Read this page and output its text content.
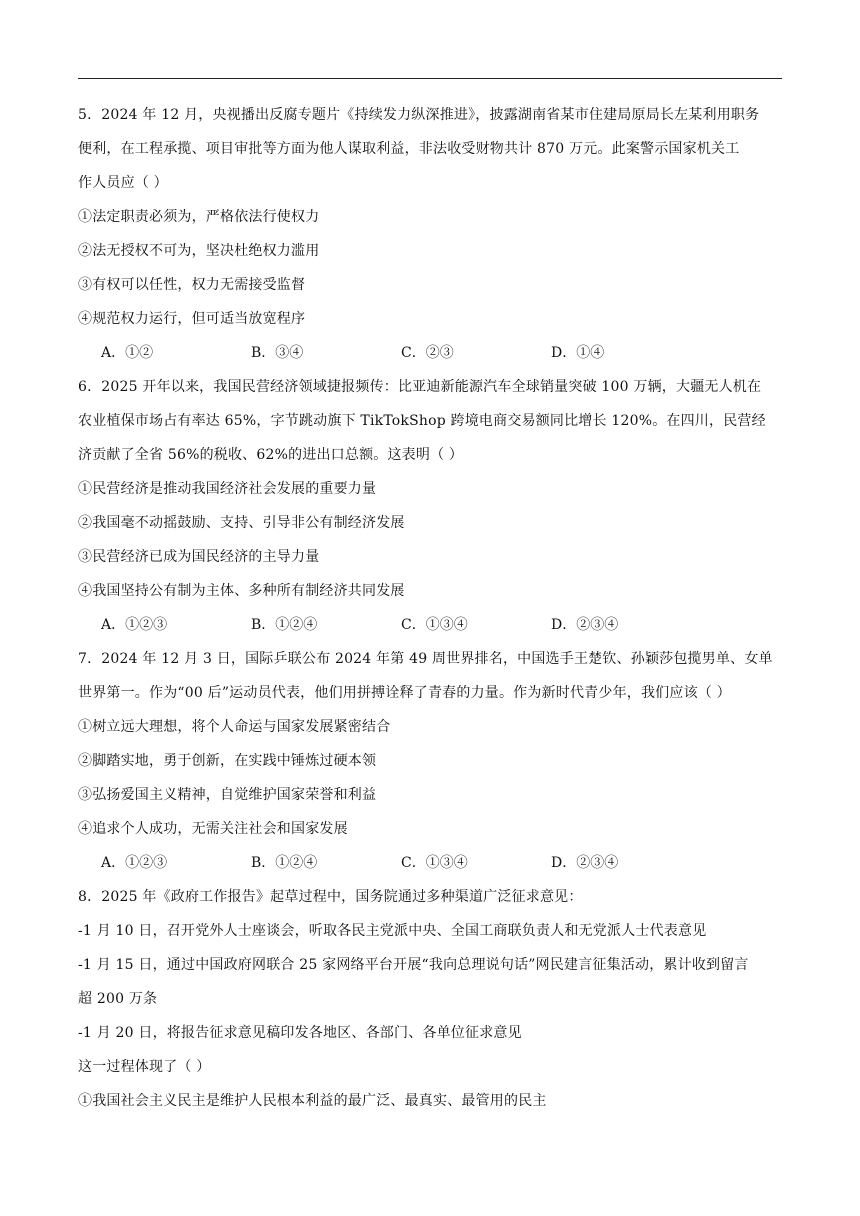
5．2024 年 12 月，央视播出反腐专题片《持续发力纵深推进》，披露湖南省某市住建局原局长左某利用职务
便利，在工程承揽、项目审批等方面为他人谋取利益，非法收受财物共计 870 万元。此案警示国家机关工
作人员应（ ）
①法定职责必须为，严格依法行使权力
②法无授权不可为，坚决杜绝权力滥用
③有权可以任性，权力无需接受监督
④规范权力运行，但可适当放宽程序
A．①②	B．③④	C．②③	D．①④
6．2025 开年以来，我国民营经济领域捷报频传：比亚迪新能源汽车全球销量突破 100 万辆，大疆无人机在
农业植保市场占有率达 65%，字节跳动旗下 TikTokShop 跨境电商交易额同比增长 120%。在四川，民营经
济贡献了全省 56%的税收、62%的进出口总额。这表明（ ）
①民营经济是推动我国经济社会发展的重要力量
②我国毫不动摇鼓励、支持、引导非公有制经济发展
③民营经济已成为国民经济的主导力量
④我国坚持公有制为主体、多种所有制经济共同发展
A．①②③	B．①②④	C．①③④	D．②③④
7．2024 年 12 月 3 日，国际乒联公布 2024 年第 49 周世界排名，中国选手王楚钦、孙颖莎包揽男单、女单
世界第一。作为“00 后”运动员代表，他们用拼搏诠释了青春的力量。作为新时代青少年，我们应该（ ）
①树立远大理想，将个人命运与国家发展紧密结合
②脚踏实地，勇于创新，在实践中锤炼过硬本领
③弘扬爱国主义精神，自觉维护国家荣誉和利益
④追求个人成功，无需关注社会和国家发展
A．①②③	B．①②④	C．①③④	D．②③④
8．2025 年《政府工作报告》起草过程中，国务院通过多种渠道广泛征求意见：
-1 月 10 日，召开党外人士座谈会，听取各民主党派中央、全国工商联负责人和无党派人士代表意见
-1 月 15 日，通过中国政府网联合 25 家网络平台开展“我向总理说句话”网民建言征集活动，累计收到留言
超 200 万条
-1 月 20 日，将报告征求意见稿印发各地区、各部门、各单位征求意见
这一过程体现了（ ）
①我国社会主义民主是维护人民根本利益的最广泛、最真实、最管用的民主
